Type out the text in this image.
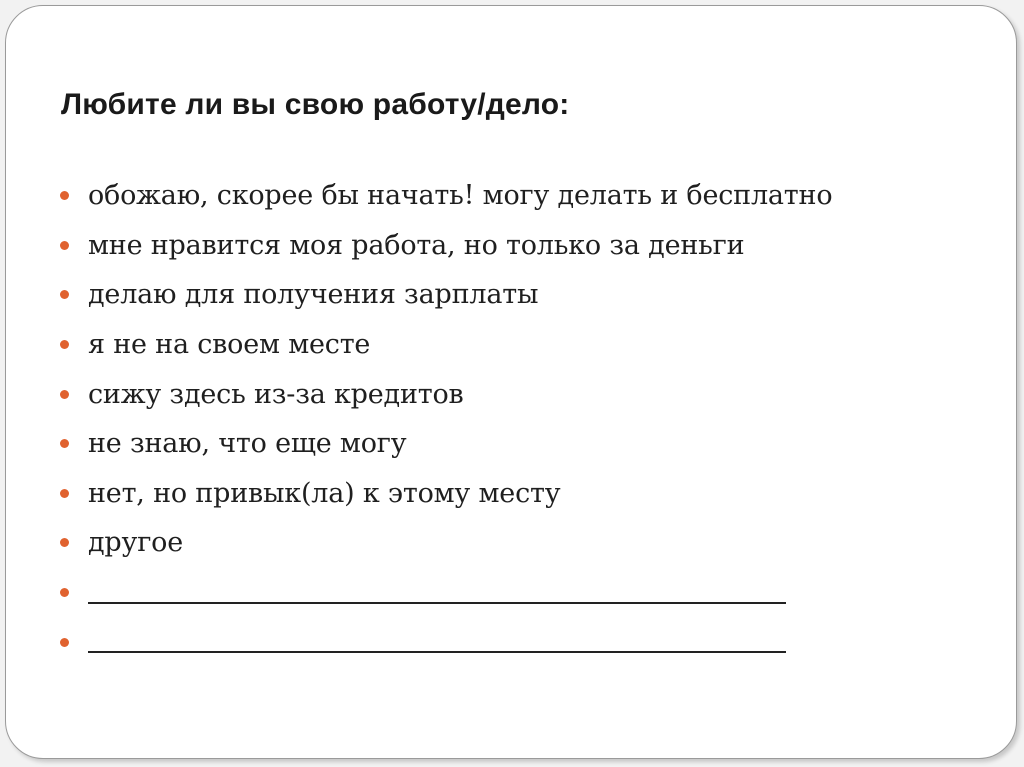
Любите ли вы свою работу/дело:
обожаю, скорее бы начать! могу делать и бесплатно
мне нравится моя работа, но только за деньги
делаю для получения зарплаты
я не на своем месте
сижу здесь из-за кредитов
не знаю, что еще могу
нет, но привык(ла) к этому месту
другое
